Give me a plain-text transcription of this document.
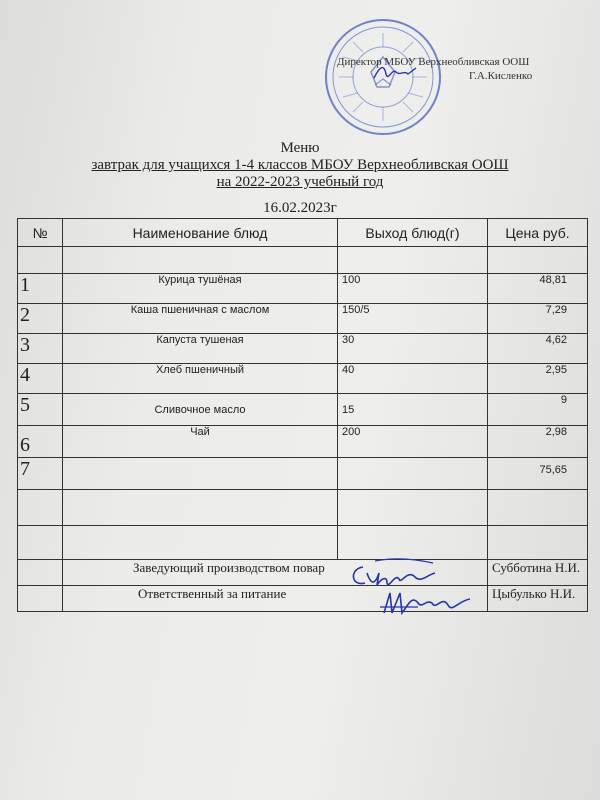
Директор МБОУ Верхнеобливская ООШ
Г.А.Кисленко
Меню
завтрак для учащихся 1-4 классов МБОУ Верхнеобливская ООШ
на 2022-2023 учебный год
16.02.2023г
№	Наименование блюд	Выход блюд(г)	Цена руб.

1	Курица тушёная	100	48,81
2	Каша пшеничная с маслом	150/5	7,29
3	Капуста тушеная	30	4,62
4	Хлеб пшеничный	40	2,95
5	Сливочное масло	15	9
6	Чай	200	2,98
7			75,65

	Заведующий производством повар		Субботина Н.И.
	Ответственный за питание		Цыбулько Н.И.
